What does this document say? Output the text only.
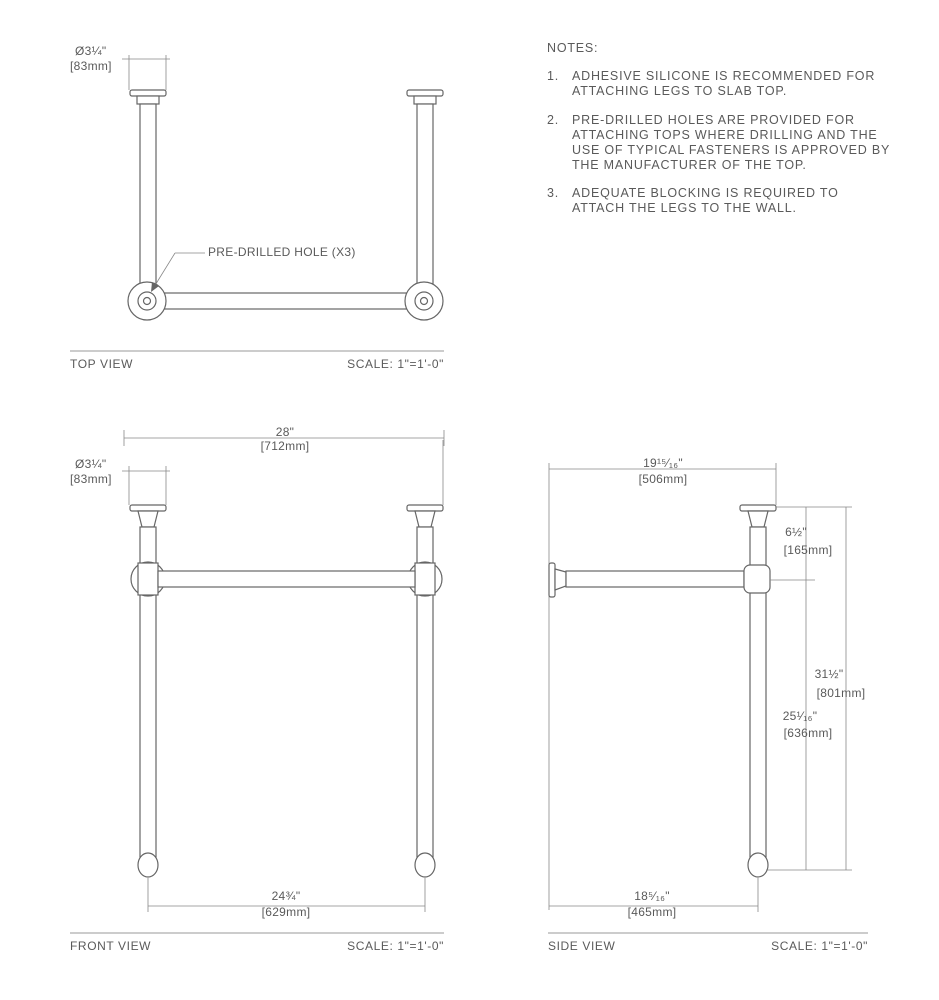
NOTES:
1. ADHESIVE SILICONE IS RECOMMENDED FOR
ATTACHING LEGS TO SLAB TOP.
2. PRE-DRILLED HOLES ARE PROVIDED FOR
ATTACHING TOPS WHERE DRILLING AND THE
USE OF TYPICAL FASTENERS IS APPROVED BY
THE MANUFACTURER OF THE TOP.
3. ADEQUATE BLOCKING IS REQUIRED TO
ATTACH THE LEGS TO THE WALL.
Ø3¼"
[83mm]
PRE-DRILLED HOLE (X3)
TOP VIEW	SCALE: 1"=1'-0"
28"
[712mm]
Ø3¼"
[83mm]
24¾"
[629mm]
FRONT VIEW	SCALE: 1"=1'-0"
19¹⁵⁄₁₆"
[506mm]
6½"
[165mm]
31½"
[801mm]
25¹⁄₁₆"
[636mm]
18⁵⁄₁₆"
[465mm]
SIDE VIEW	SCALE: 1"=1'-0"
